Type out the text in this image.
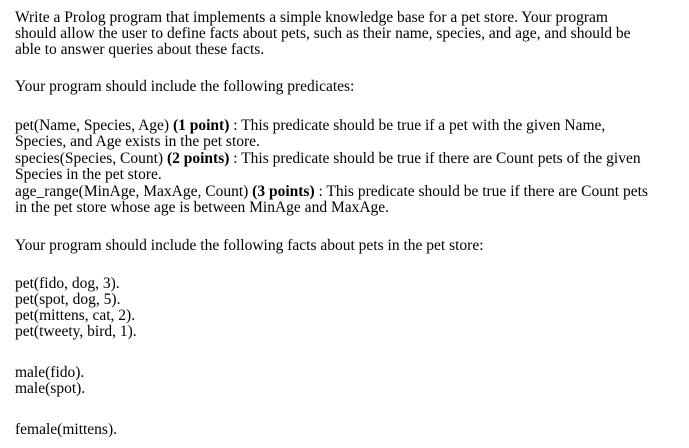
Write a Prolog program that implements a simple knowledge base for a pet store. Your program
should allow the user to define facts about pets, such as their name, species, and age, and should be
able to answer queries about these facts.
Your program should include the following predicates:
pet(Name, Species, Age) (1 point) : This predicate should be true if a pet with the given Name,
Species, and Age exists in the pet store.
species(Species, Count) (2 points) : This predicate should be true if there are Count pets of the given
Species in the pet store.
age_range(MinAge, MaxAge, Count) (3 points) : This predicate should be true if there are Count pets
in the pet store whose age is between MinAge and MaxAge.
Your program should include the following facts about pets in the pet store:
pet(fido, dog, 3).
pet(spot, dog, 5).
pet(mittens, cat, 2).
pet(tweety, bird, 1).
male(fido).
male(spot).
female(mittens).
